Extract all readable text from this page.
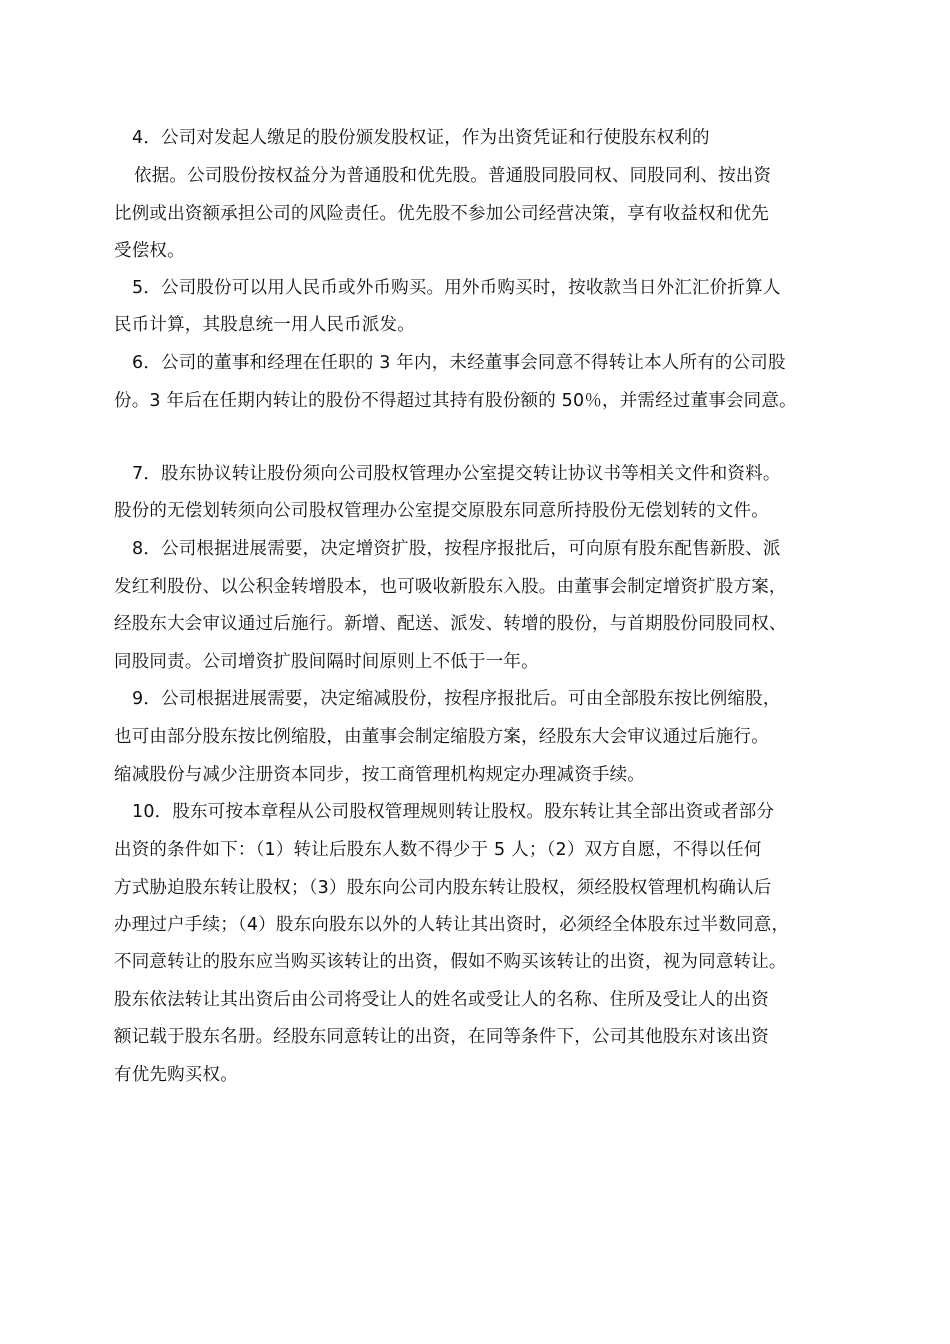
4．公司对发起人缴足的股份颁发股权证，作为出资凭证和行使股东权利的
依据。公司股份按权益分为普通股和优先股。普通股同股同权、同股同利、按出资
比例或出资额承担公司的风险责任。优先股不参加公司经营决策，享有收益权和优先
受偿权。
5．公司股份可以用人民币或外币购买。用外币购买时，按收款当日外汇汇价折算人
民币计算，其股息统一用人民币派发。
6．公司的董事和经理在任职的 3 年内，未经董事会同意不得转让本人所有的公司股
份。3 年后在任期内转让的股份不得超过其持有股份额的 50％，并需经过董事会同意。
7．股东协议转让股份须向公司股权管理办公室提交转让协议书等相关文件和资料。
股份的无偿划转须向公司股权管理办公室提交原股东同意所持股份无偿划转的文件。
8．公司根据进展需要，决定增资扩股，按程序报批后，可向原有股东配售新股、派
发红利股份、以公积金转增股本，也可吸收新股东入股。由董事会制定增资扩股方案，
经股东大会审议通过后施行。新增、配送、派发、转增的股份，与首期股份同股同权、
同股同责。公司增资扩股间隔时间原则上不低于一年。
9．公司根据进展需要，决定缩减股份，按程序报批后。可由全部股东按比例缩股，
也可由部分股东按比例缩股，由董事会制定缩股方案，经股东大会审议通过后施行。
缩减股份与减少注册资本同步，按工商管理机构规定办理减资手续。
10．股东可按本章程从公司股权管理规则转让股权。股东转让其全部出资或者部分
出资的条件如下：（1）转让后股东人数不得少于 5 人；（2）双方自愿，不得以任何
方式胁迫股东转让股权；（3）股东向公司内股东转让股权，须经股权管理机构确认后
办理过户手续；（4）股东向股东以外的人转让其出资时，必须经全体股东过半数同意，
不同意转让的股东应当购买该转让的出资，假如不购买该转让的出资，视为同意转让。
股东依法转让其出资后由公司将受让人的姓名或受让人的名称、住所及受让人的出资
额记载于股东名册。经股东同意转让的出资，在同等条件下，公司其他股东对该出资
有优先购买权。
